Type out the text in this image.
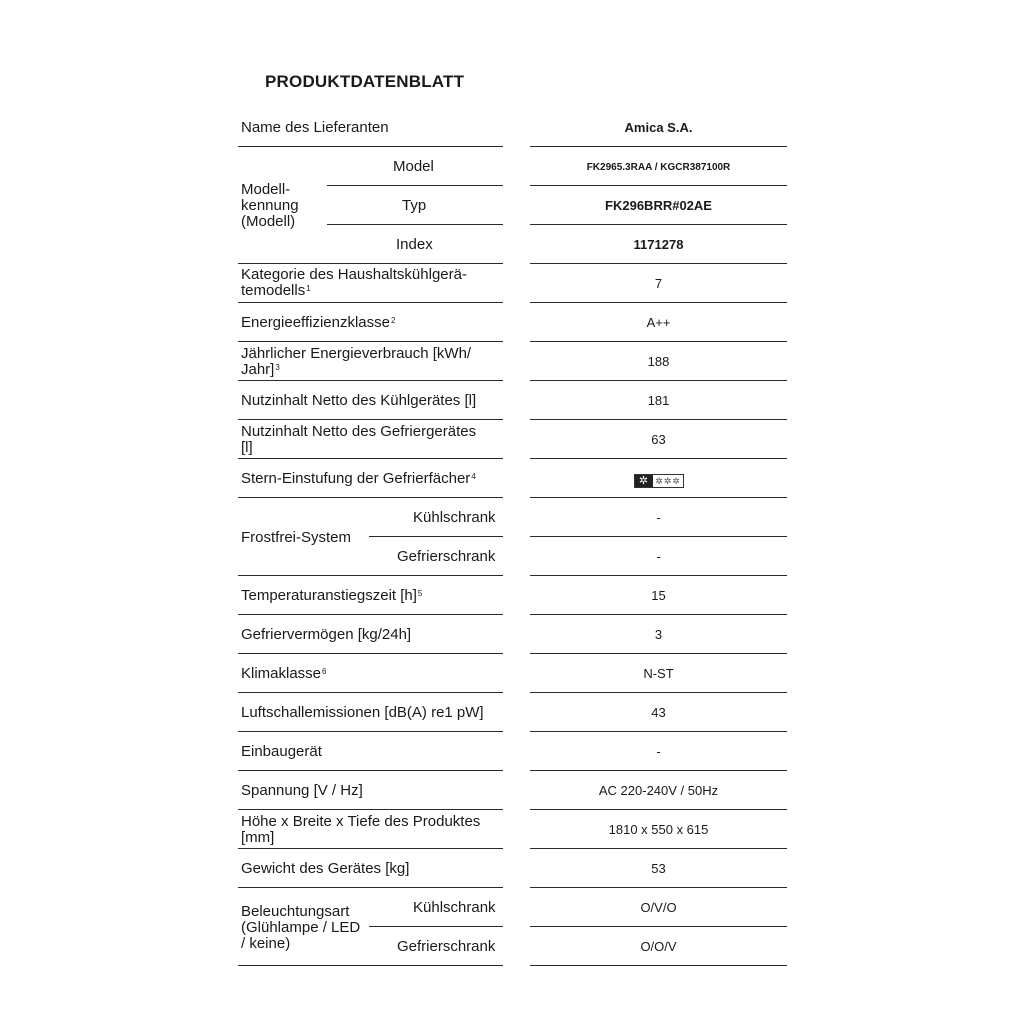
PRODUKTDATENBLATT
Name des Lieferanten	Amica S.A.
Modell-
kennung
(Modell)
Model	FK2965.3RAA / KGCR387100R
Typ	FK296BRR#02AE
Index	1171278
Kategorie des Haushaltskühlgerä-
temodells$^1$	7
Energieeffizienzklasse$^2$	A++
Jährlicher Energieverbrauch [kWh/
Jahr]$^3$	188
Nutzinhalt Netto des Kühlgerätes [l]	181
Nutzinhalt Netto des Gefriergerätes
[l]	63
Stern-Einstufung der Gefrierfächer$^4$	✲ ✲✲✲
Frostfrei-System
Kühlschrank	-
Gefrierschrank	-
Temperaturanstiegszeit $[h]^5$	15
Gefriervermögen [kg/24h]	3
Klimaklasse$^6$	N-ST
Luftschallemissionen [dB(A) re1 pW]	43
Einbaugerät	-
Spannung [V / Hz]	AC 220-240V / 50Hz
Höhe x Breite x Tiefe des Produktes
[mm]	1810 x 550 x 615
Gewicht des Gerätes [kg]	53
Beleuchtungsart
(Glühlampe / LED
/ keine)
Kühlschrank	O/V/O
Gefrierschrank	O/O/V
